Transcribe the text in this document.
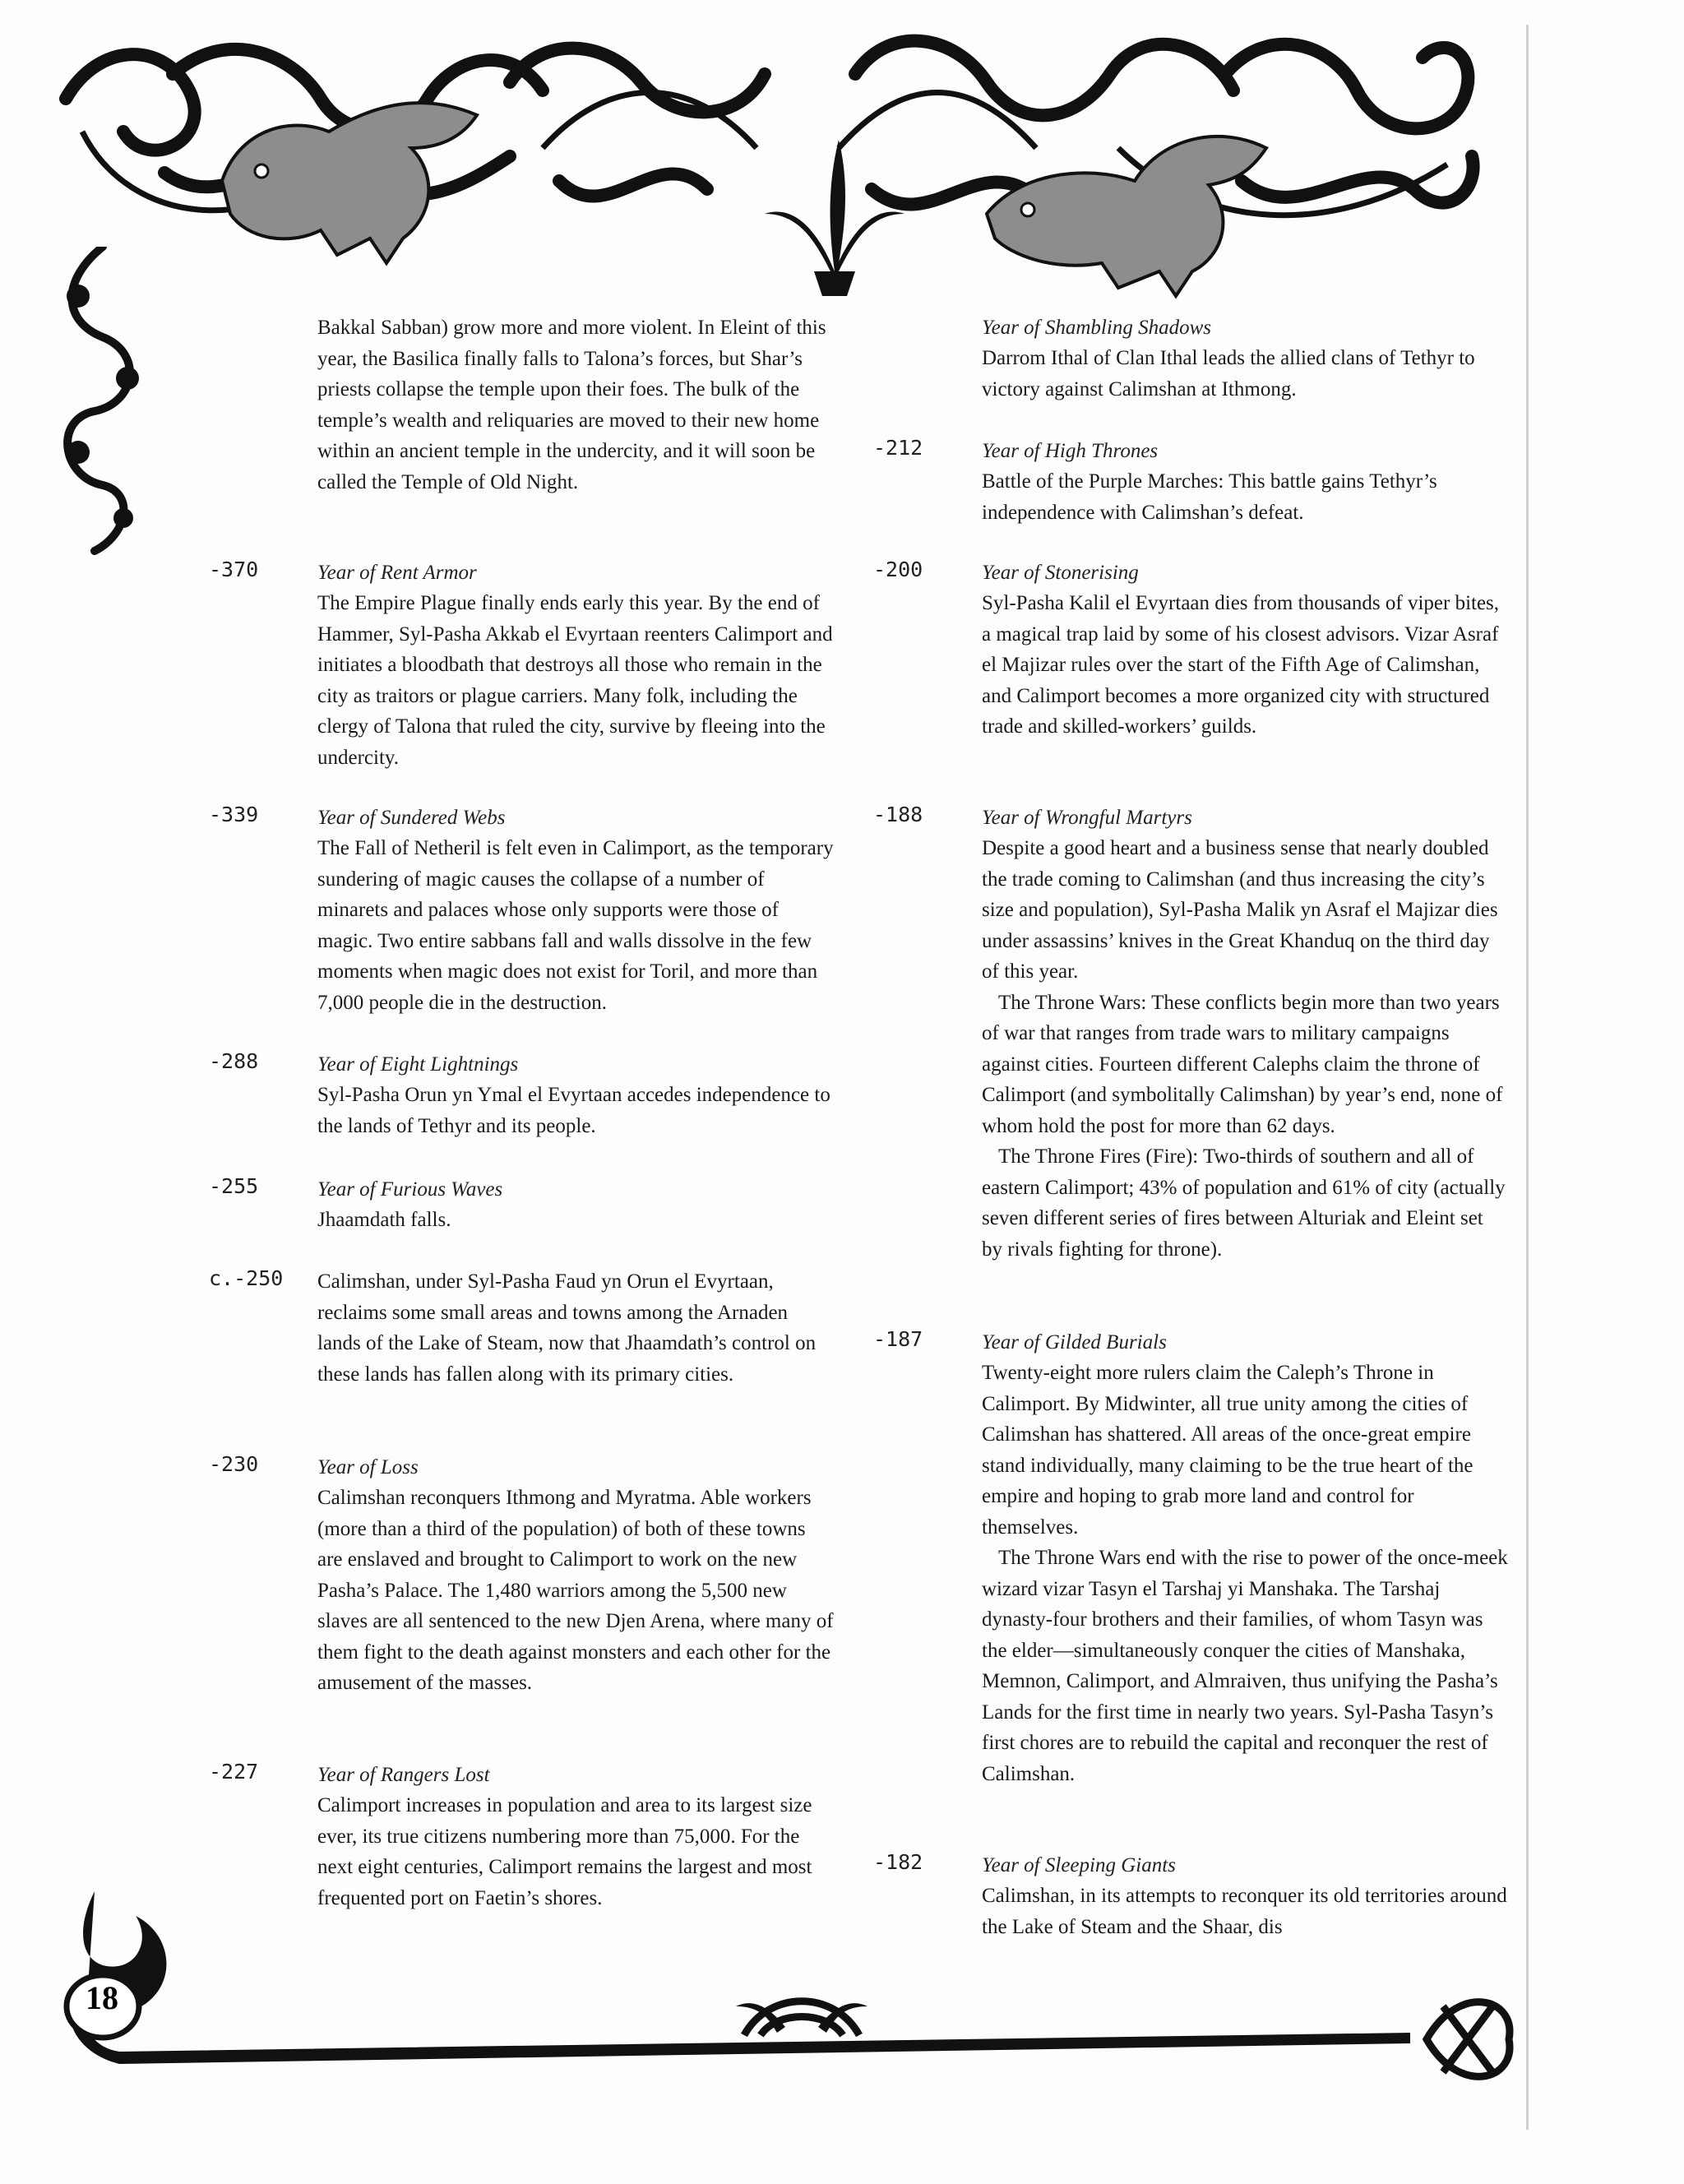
18

Bakkal Sabban) grow more and more violent. In Eleint of this year, the Basilica finally falls to Talona’s forces, but Shar’s priests collapse the temple upon their foes. The bulk of the temple’s wealth and reliquaries are moved to their new home within an ancient temple in the undercity, and it will soon be called the Temple of Old Night.

-370	Year of Rent Armor

The Empire Plague finally ends early this year. By the end of Hammer, Syl-Pasha Akkab el Evyrtaan reenters Calimport and initiates a bloodbath that destroys all those who remain in the city as traitors or plague carriers. Many folk, including the clergy of Talona that ruled the city, survive by fleeing into the undercity.

-339	Year of Sundered Webs

The Fall of Netheril is felt even in Calimport, as the temporary sundering of magic causes the collapse of a number of minarets and palaces whose only supports were those of magic. Two entire sabbans fall and walls dissolve in the few moments when magic does not exist for Toril, and more than 7,000 people die in the destruction.

-288	Year of Eight Lightnings

Syl-Pasha Orun yn Ymal el Evyrtaan accedes independence to the lands of Tethyr and its people.

-255	Year of Furious Waves

Jhaamdath falls.

c.-250 Calimshan, under Syl-Pasha Faud yn Orun el Evyrtaan, reclaims some small areas and towns among the Arnaden lands of the Lake of Steam, now that Jhaamdath’s control on these lands has fallen along with its primary cities.

-230	Year of Loss

Calimshan reconquers Ithmong and Myratma. Able workers (more than a third of the population) of both of these towns are enslaved and brought to Calimport to work on the new Pasha’s Palace. The 1,480 warriors among the 5,500 new slaves are all sentenced to the new Djen Arena, where many of them fight to the death against monsters and each other for the amusement of the masses.

-227	Year of Rangers Lost

Calimport increases in population and area to its largest size ever, its true citizens numbering more than 75,000. For the next eight centuries, Calimport remains the largest and most frequented port on Faetin’s shores.

Year of Shambling Shadows

Darrom Ithal of Clan Ithal leads the allied clans of Tethyr to victory against Calimshan at Ithmong.

-212	Year of High Thrones

Battle of the Purple Marches: This battle gains Tethyr’s independence with Calimshan’s defeat.

-200	Year of Stonerising

Syl-Pasha Kalil el Evyrtaan dies from thousands of viper bites, a magical trap laid by some of his closest advisors. Vizar Asraf el Majizar rules over the start of the Fifth Age of Calimshan, and Calimport becomes a more organized city with structured trade and skilled-workers’ guilds.

-188	Year of Wrongful Martyrs

Despite a good heart and a business sense that nearly doubled the trade coming to Calimshan (and thus increasing the city’s size and population), Syl-Pasha Malik yn Asraf el Majizar dies under assassins’ knives in the Great Khanduq on the third day of this year.

The Throne Wars: These conflicts begin more than two years of war that ranges from trade wars to military campaigns against cities. Fourteen different Calephs claim the throne of Calimport (and symbolitally Calimshan) by year’s end, none of whom hold the post for more than 62 days.

The Throne Fires (Fire): Two-thirds of southern and all of eastern Calimport; 43% of population and 61% of city (actually seven different series of fires between Alturiak and Eleint set by rivals fighting for throne).

-187	Year of Gilded Burials

Twenty-eight more rulers claim the Caleph’s Throne in Calimport. By Midwinter, all true unity among the cities of Calimshan has shattered. All areas of the once-great empire stand individually, many claiming to be the true heart of the empire and hoping to grab more land and control for themselves.

The Throne Wars end with the rise to power of the once-meek wizard vizar Tasyn el Tarshaj yi Manshaka. The Tarshaj dynasty-four brothers and their families, of whom Tasyn was the elder—simultaneously conquer the cities of Manshaka, Memnon, Calimport, and Almraiven, thus unifying the Pasha’s Lands for the first time in nearly two years. Syl-Pasha Tasyn’s first chores are to rebuild the capital and reconquer the rest of Calimshan.

-182	Year of Sleeping Giants

Calimshan, in its attempts to reconquer its old territories around the Lake of Steam and the Shaar, dis
